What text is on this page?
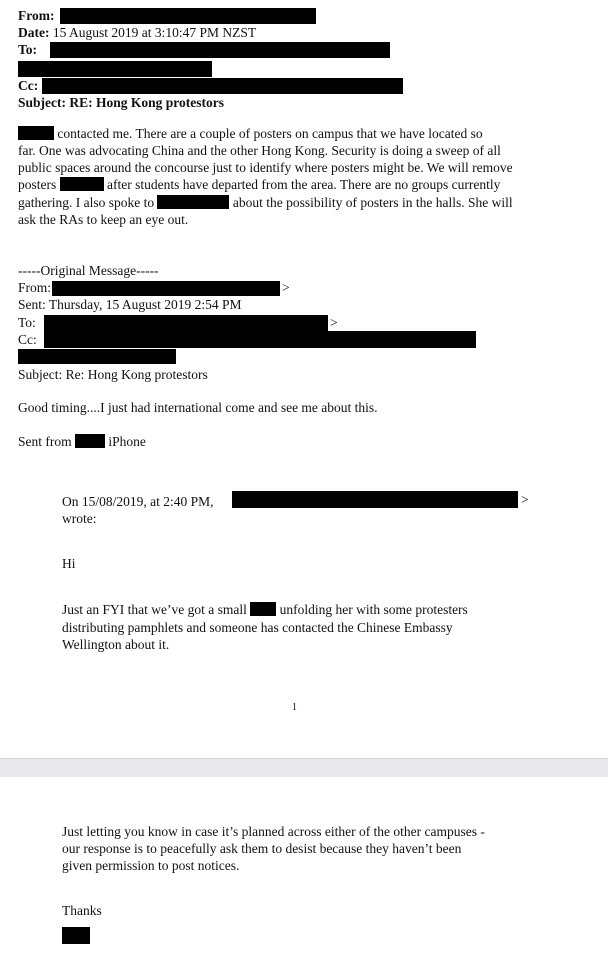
From:
Date: 15 August 2019 at 3:10:47 PM NZST
To:
Cc:
Subject: RE: Hong Kong protestors
contacted me. There are a couple of posters on campus that we have located so
far. One was advocating China and the other Hong Kong. Security is doing a sweep of all
public spaces around the concourse just to identify where posters might be. We will remove
posters	after students have departed from the area. There are no groups currently
gathering. I also spoke to	about the possibility of posters in the halls. She will
ask the RAs to keep an eye out.
-----Original Message-----
From:	>
Sent: Thursday, 15 August 2019 2:54 PM
To:	>
Cc:
Subject: Re: Hong Kong protestors
Good timing....I just had international come and see me about this.
Sent from	iPhone
On 15/08/2019, at 2:40 PM,	>
wrote:
Hi
Just an FYI that we’ve got a small unfolding her with some protesters
distributing pamphlets and someone has contacted the Chinese Embassy
Wellington about it.
1
Just letting you know in case it’s planned across either of the other campuses -
our response is to peacefully ask them to desist because they haven’t been
given permission to post notices.
Thanks
